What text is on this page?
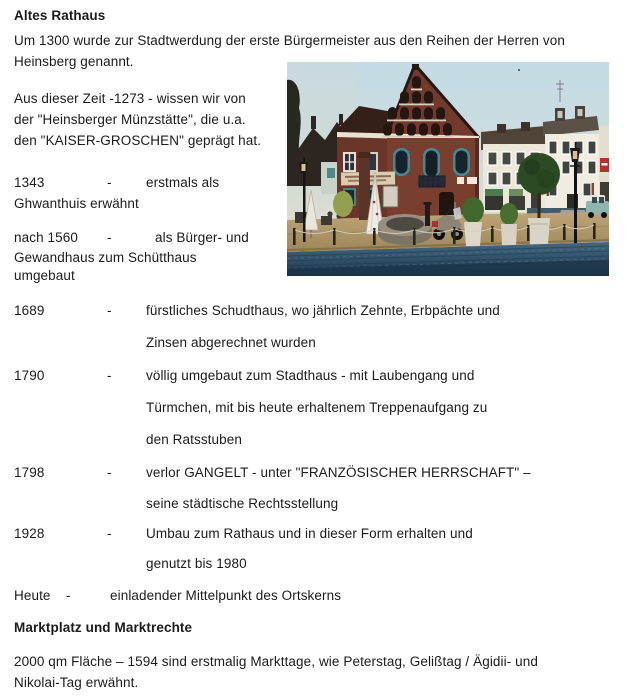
Altes Rathaus
Um 1300 wurde zur Stadtwerdung der erste Bürgermeister aus den Reihen der Herren von
Heinsberg genannt.
Aus dieser Zeit -1273 - wissen wir von
der "Heinsberger Münzstätte", die u.a.
den "KAISER-GROSCHEN" geprägt hat.
1343	-	erstmals als
Ghwanthuis erwähnt
nach 1560 -	als Bürger- und
Gewandhaus zum Schütthaus
umgebaut
1689	-	fürstliches Schudthaus, wo jährlich Zehnte, Erbpächte und
Zinsen abgerechnet wurden
1790	-	völlig umgebaut zum Stadthaus - mit Laubengang und
Türmchen, mit bis heute erhaltenem Treppenaufgang zu
den Ratsstuben
1798	-	verlor GANGELT - unter "FRANZÖSISCHER HERRSCHAFT" –
seine städtische Rechtsstellung
1928	-	Umbau zum Rathaus und in dieser Form erhalten und
genutzt bis 1980
Heute -	einladender Mittelpunkt des Ortskerns
Marktplatz und Marktrechte
2000 qm Fläche – 1594 sind erstmalig Markttage, wie Peterstag, Gelißtag / Ägidii- und
Nikolai-Tag erwähnt.
